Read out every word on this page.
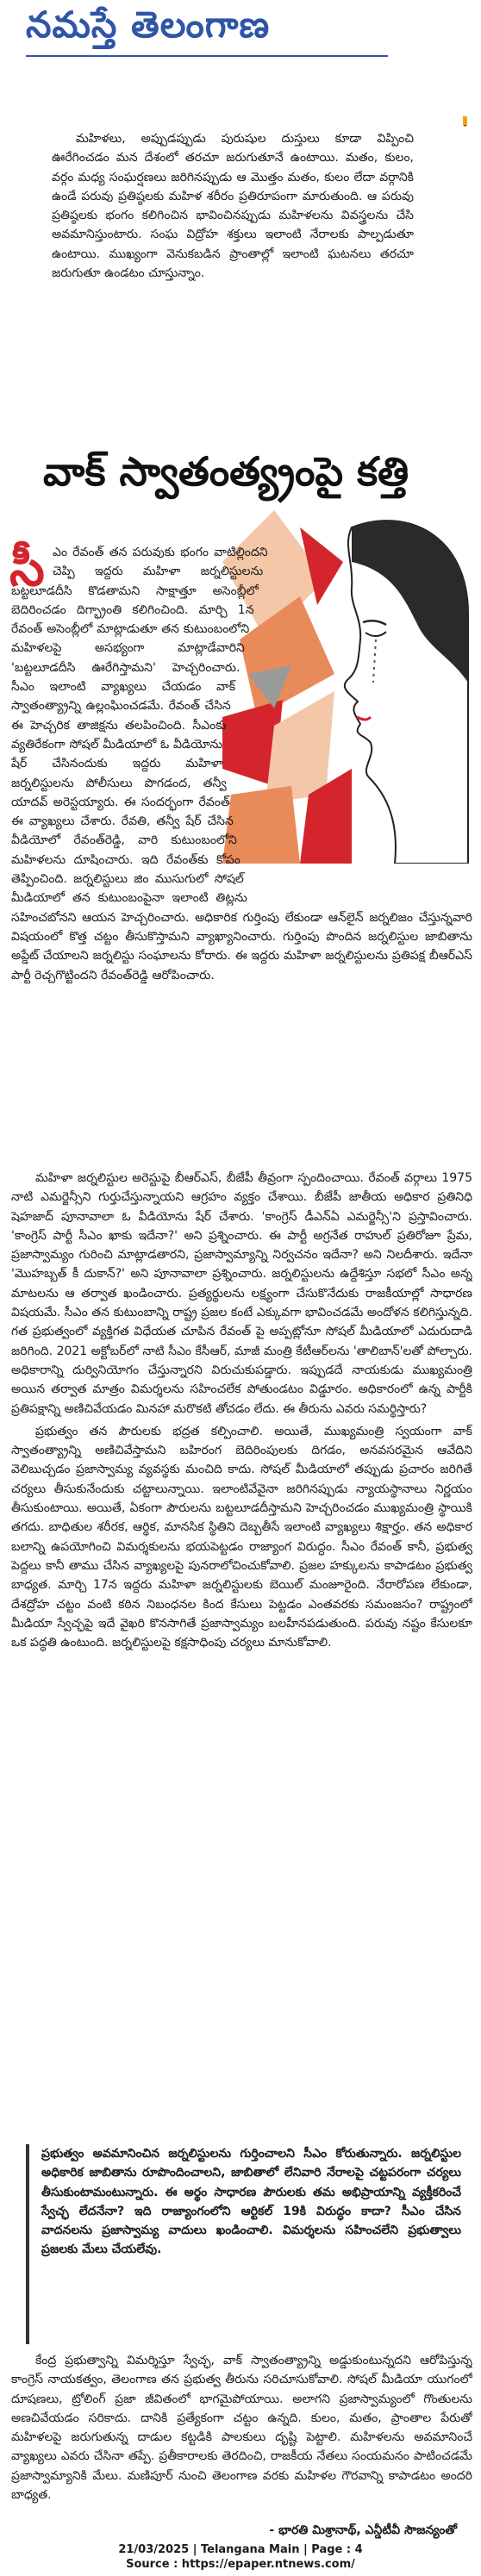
నమస్తే తెలంగాణ

మహిళలు, అప్పుడప్పుడు పురుషుల దుస్తులు కూడా విప్పించి ఊరేగించడం మన దేశంలో తరచూ జరుగుతూనే ఉంటాయి. మతం, కులం, వర్గం మధ్య సంఘర్షణలు జరిగినప్పుడు ఆ మొత్తం మతం, కులం లేదా వర్గానికి ఉండే పరువు ప్రతిష్ఠలకు మహిళ శరీరం ప్రతిరూపంగా మారుతుంది. ఆ పరువు ప్రతిష్ఠలకు భంగం కలిగించిన భావించినప్పుడు మహిళలను వివస్త్రలను చేసి అవమానిస్తుంటారు. సంఘ విద్రోహ శక్తులు ఇలాంటి నేరాలకు పాల్పడుతూ ఉంటాయి. ముఖ్యంగా వెనుకబడిన ప్రాంతాల్లో ఇలాంటి ఘటనలు తరచూ జరుగుతూ ఉండటం చూస్తున్నాం.

వాక్ స్వాతంత్య్రంపై కత్తి
సీ ఎం రేవంత్ తన పరువుకు భంగం వాటిల్లిందని చెప్పి ఇద్దరు మహిళా జర్నలిస్టులను బట్టలూడదీసి కొడతామని సాక్షాత్తూ అసెంబ్లీలో బెదిరించడం దిగ్భ్రాంతి కలిగించింది. మార్చి 1న రేవంత్ అసెంబ్లీలో మాట్లాడుతూ తన కుటుంబంలోని మహిళలపై అసభ్యంగా మాట్లాడేవారిని 'బట్టలూడదీసి ఊరేగిస్తామని' హెచ్చరించారు. సీఎం ఇలాంటి వ్యాఖ్యలు చేయడం వాక్ స్వాతంత్య్రాన్ని ఉల్లంఘించడమే. రేవంత్ చేసిన ఈ హెచ్చరిక తాజిక్షను తలపించింది. సీఎంకు వ్యతిరేకంగా సోషల్ మీడియాలో ఓ వీడియోను షేర్ చేసినందుకు ఇద్దరు మహిళా జర్నలిస్టులను పోలీసులు పొగడంద, తన్వీ యాదవ్ అరెస్టయ్యారు. ఈ సందర్భంగా రేవంత్ ఈ వ్యాఖ్యలు చేశారు. రేవతి, తన్వీ షేర్ చేసిన వీడియోలో రేవంత్‌రెడ్డి, వారి కుటుంబంలోని మహిళలను దూషించారు. ఇది రేవంత్‌కు కోపం తెప్పించింది. జర్నలిస్టులు జిం ముసుగులో సోషల్ మీడియాలో తన కుటుంబంపైనా ఇలాంటి తిట్లను సహించబోనని ఆయన హెచ్చరించారు. అధికారిక గుర్తింపు లేకుండా ఆన్‌లైన్ జర్నలిజం చేస్తున్నవారి విషయంలో కొత్త చట్టం తీసుకొస్తామని వ్యాఖ్యానించారు. గుర్తింపు పొందిన జర్నలిస్టుల జాబితాను అప్డేట్ చేయాలని జర్నలిస్టు సంఘాలను కోరారు. ఈ ఇద్దరు మహిళా జర్నలిస్టులను ప్రతిపక్ష బీఆర్ఎస్ పార్టీ రెచ్చగొట్టిందని రేవంత్‌రెడ్డి ఆరోపించారు.

మహిళా జర్నలిస్టుల అరెస్టుపై బీఆర్ఎస్, బీజేపీ తీవ్రంగా స్పందించాయి. రేవంత్ వర్గాలు 1975 నాటి ఎమర్జెన్సీని గుర్తుచేస్తున్నాయని ఆగ్రహం వ్యక్తం చేశాయి. బీజేపీ జాతీయ అధికార ప్రతినిధి షెహజాద్ పూనావాలా ఓ వీడియోను షేర్ చేశారు. 'కాంగ్రెస్ డీఎన్‌ఏ ఎమర్జెన్సీ'ని ప్రస్తావించారు. 'కాంగ్రెస్ పార్టీ సీఎం ఖాకు ఇదేనా?' అని ప్రశ్నించారు. ఈ పార్టీ అగ్రనేత రాహుల్ ప్రతిరోజూ ప్రేమ, ప్రజాస్వామ్యం గురించి మాట్లాడతారని, ప్రజాస్వామ్యాన్ని నిర్వచనం ఇదేనా? అని నిలదీశారు. ఇదేనా 'మొహబ్బత్ కీ దుకాన్?' అని పూనావాలా ప్రశ్నించారు. జర్నలిస్టులను ఉద్దేశిస్తూ సభలో సీఎం అన్న మాటలను ఆ తర్వాత ఖండించారు. ప్రత్యర్థులను లక్ష్యంగా చేసుకొనేదుకు రాజకీయాల్లో సాధారణ విషయమే. సీఎం తన కుటుంబాన్ని రాష్ట్ర ప్రజల కంటే ఎక్కువగా భావించడమే అందోళన కలిగిస్తున్నది. గత ప్రభుత్వంలో వ్యక్తిగత విధేయత చూపిన రేవంత్ పై అప్పట్లోనూ సోషల్ మీడియాలో ఎదురుదాడి జరిగింది. 2021 అక్టోబర్‌లో నాటి సీఎం కేసీఆర్, మాజీ మంత్రి కేటీఆర్‌లను 'తాలిబాన్'లతో పోల్చారు. అధికారాన్ని దుర్వినియోగం చేస్తున్నారని విరుచుకుపడ్డారు. ఇప్పుడదే నాయకుడు ముఖ్యమంత్రి అయిన తర్వాత మాత్రం విమర్శలను సహించలేక పోతుండటం విడ్డూరం. అధికారంలో ఉన్న పార్టీకి ప్రతిపక్షాన్ని అణిచివేయడం మినహా మరొకటి తోచడం లేదు. ఈ తీరును ఎవరు సమర్థిస్తారు?

ప్రభుత్వం తన పౌరులకు భద్రత కల్పించాలి. అయితే, ముఖ్యమంత్రి స్వయంగా వాక్ స్వాతంత్య్రాన్ని అణిచివేస్తామని బహిరంగ బెదిరింపులకు దిగడం, అనవసరమైన ఆవేదిని వెలిబుచ్చడం ప్రజాస్వామ్య వ్యవస్థకు మంచిది కాదు. సోషల్ మీడియాలో తప్పుడు ప్రచారం జరిగితే చర్యలు తీసుకునేందుకు చట్టాలున్నాయి. ఇలాంటివేవైనా జరిగినప్పుడు న్యాయస్థానాలు నిర్ణయం తీసుకుంటాయి. అయితే, ఏకంగా పౌరులను బట్టలూడదీస్తామని హెచ్చరించడం ముఖ్యమంత్రి స్థాయికి తగదు. బాధితుల శరీరక, ఆర్థిక, మానసిక స్థితిని దెబ్బతీసే ఇలాంటి వ్యాఖ్యలు శిక్షార్హం. తన అధికార బలాన్ని ఉపయోగించి విమర్శకులను భయపెట్టడం రాజ్యాంగ విరుద్ధం. సీఎం రేవంత్ కానీ, ప్రభుత్వ పెద్దలు కానీ తాము చేసిన వ్యాఖ్యలపై పునరాలోచించుకోవాలి. ప్రజల హక్కులను కాపాడటం ప్రభుత్వ బాధ్యత. మార్చి 17న ఇద్దరు మహిళా జర్నలిస్టులకు బెయిల్ మంజూరైంది. నేరారోపణ లేకుండా, దేశద్రోహ చట్టం వంటి కఠిన నిబంధనల కింద కేసులు పెట్టడం ఎంతవరకు సమంజసం? రాష్ట్రంలో మీడియా స్వేచ్ఛపై ఇదే వైఖరి కొనసాగితే ప్రజాస్వామ్యం బలహీనపడుతుంది. పరువు నష్టం కేసులకూ ఒక పద్ధతి ఉంటుంది. జర్నలిస్టులపై కక్షసాధింపు చర్యలు మానుకోవాలి.

ప్రభుత్వం అవమానించిన జర్నలిస్టులను గుర్తించాలని సీఎం కోరుతున్నారు. జర్నలిస్టుల అధికారిక జాబితాను రూపొందించాలని, జాబితాలో లేనివారి నేరాలపై చట్టపరంగా చర్యలు తీసుకుంటామంటున్నారు. ఈ అర్థం సాధారణ పౌరులకు తమ అభిప్రాయాన్ని వ్యక్తీకరించే స్వేచ్ఛ లేదనేనా? ఇది రాజ్యాంగంలోని ఆర్టికల్ 19కి విరుద్ధం కాదా? సీఎం చేసిన వాదనలను ప్రజాస్వామ్య వాదులు ఖండించాలి. విమర్శలను సహించలేని ప్రభుత్వాలు ప్రజలకు మేలు చేయలేవు.

కేంద్ర ప్రభుత్వాన్ని విమర్శిస్తూ స్వేచ్ఛ, వాక్ స్వాతంత్య్రాన్ని అడ్డుకుంటున్నదని ఆరోపిస్తున్న కాంగ్రెస్ నాయకత్వం, తెలంగాణ తన ప్రభుత్వ తీరును సరిచూసుకోవాలి. సోషల్ మీడియా యుగంలో దూషణలు, ట్రోలింగ్ ప్రజా జీవితంలో భాగమైపోయాయి. అలాగని ప్రజాస్వామ్యంలో గొంతులను అణచివేయడం సరికాదు. దానికి ప్రత్యేకంగా చట్టం ఉన్నది. కులం, మతం, ప్రాంతాల పేరుతో మహిళలపై జరుగుతున్న దాడుల కట్టడికి పాలకులు దృష్టి పెట్టాలి. మహిళలను అవమానించే వ్యాఖ్యలు ఎవరు చేసినా తప్పే. ప్రతీకారాలకు తెరదించి, రాజకీయ నేతలు సంయమనం పాటించడమే ప్రజాస్వామ్యానికి మేలు. మణిపూర్ నుంచి తెలంగాణ వరకు మహిళల గౌరవాన్ని కాపాడటం అందరి బాధ్యత.

- భారతి మిశ్రానాథ్, ఎన్డీటీవీ సౌజన్యంతో
21/03/2025 | Telangana Main | Page : 4
Source : https://epaper.ntnews.com/
